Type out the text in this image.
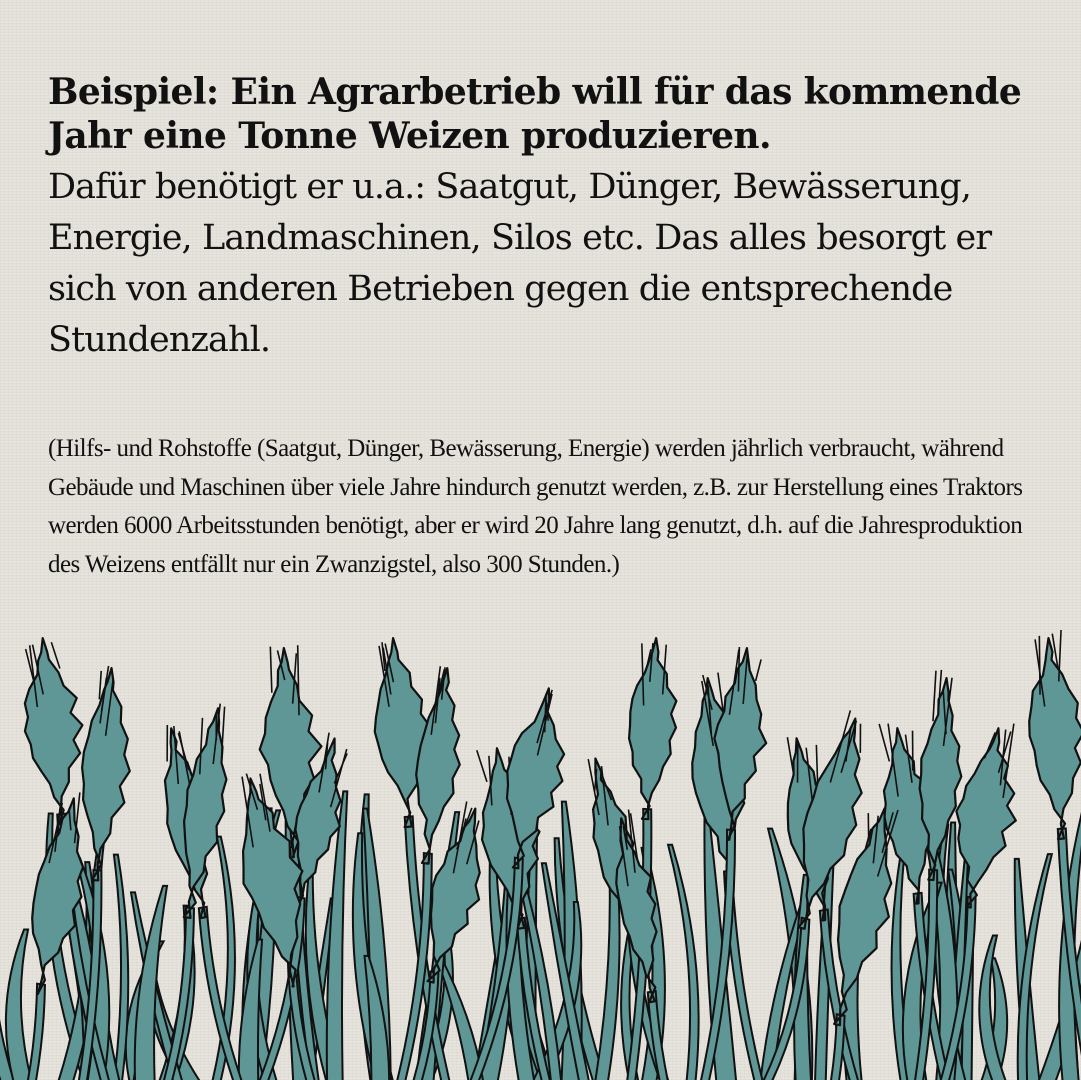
Beispiel: Ein Agrarbetrieb will für das kommende Jahr eine Tonne Weizen produzieren.

Dafür benötigt er u.a.: Saatgut, Dünger, Bewässerung, Energie, Landmaschinen, Silos etc. Das alles besorgt er sich von anderen Betrieben gegen die entsprechende Stundenzahl.

(Hilfs- und Rohstoffe (Saatgut, Dünger, Bewässerung, Energie) werden jährlich verbraucht, während Gebäude und Maschinen über viele Jahre hindurch genutzt werden, z.B. zur Herstellung eines Traktors werden 6000 Arbeitsstunden benötigt, aber er wird 20 Jahre lang genutzt, d.h. auf die Jahresproduktion des Weizens entfällt nur ein Zwanzigstel, also 300 Stunden.)
